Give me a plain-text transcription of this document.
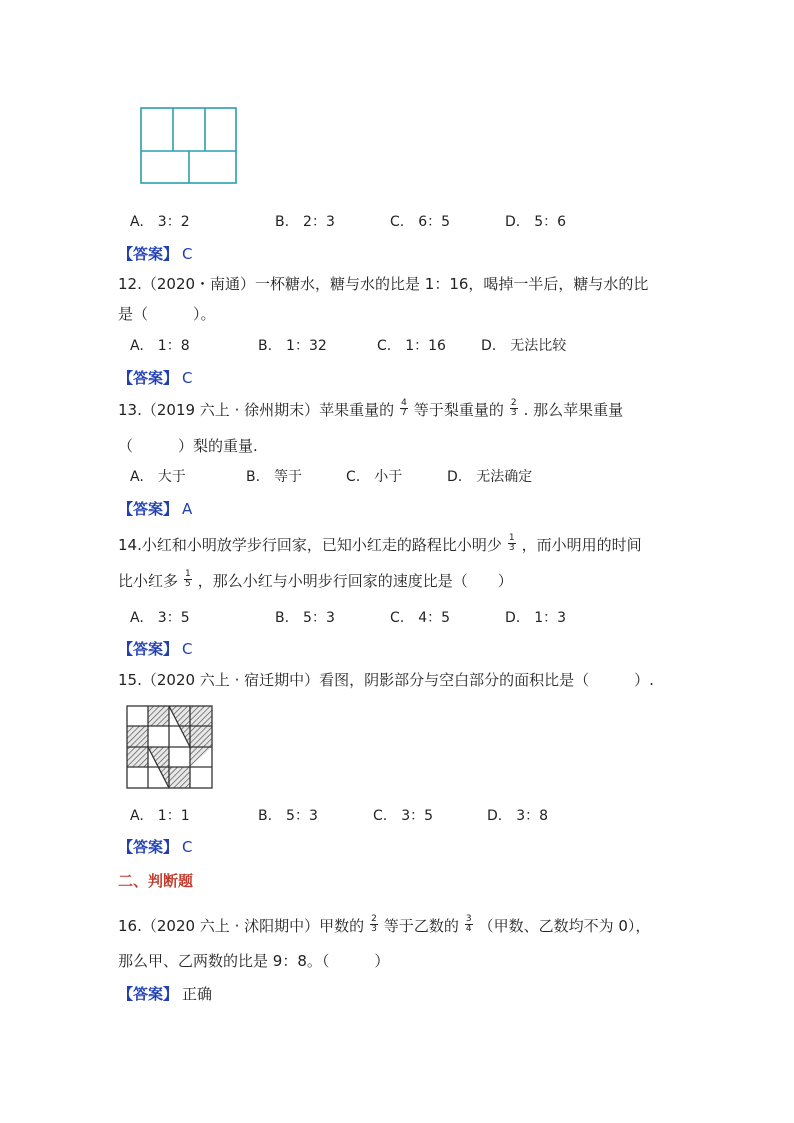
A.　3：2	B.　2：3	C.　6：5	D.　5：6
【答案】 C
12.（2020・南通）一杯糖水，糖与水的比是 1：16，喝掉一半后，糖与水的比
是（　　　）。
A.　1：8	B.　1：32	C.　1：16	D.　无法比较
【答案】 C
13.（2019 六上 · 徐州期末）苹果重量的 $\frac{4}{7}$ 等于梨重量的 $\frac{2}{3}$ . 那么苹果重量
（　　　）梨的重量.
A.　大于	B.　等于	C.　小于	D.　无法确定
【答案】 A
14.小红和小明放学步行回家，已知小红走的路程比小明少 $\frac{1}{3}$ ，而小明用的时间
比小红多 $\frac{1}{5}$ ，那么小红与小明步行回家的速度比是（　　）
A.　3：5	B.　5：3	C.　4：5	D.　1：3
【答案】 C
15.（2020 六上 · 宿迁期中）看图，阴影部分与空白部分的面积比是（　　　）.
A.　1：1	B.　5：3	C.　3：5	D.　3：8
【答案】 C
二、判断题
16.（2020 六上 · 沭阳期中）甲数的 $\frac{2}{3}$ 等于乙数的 $\frac{3}{4}$ （甲数、乙数均不为 0），
那么甲、乙两数的比是 9：8。（　　　）
【答案】 正确
